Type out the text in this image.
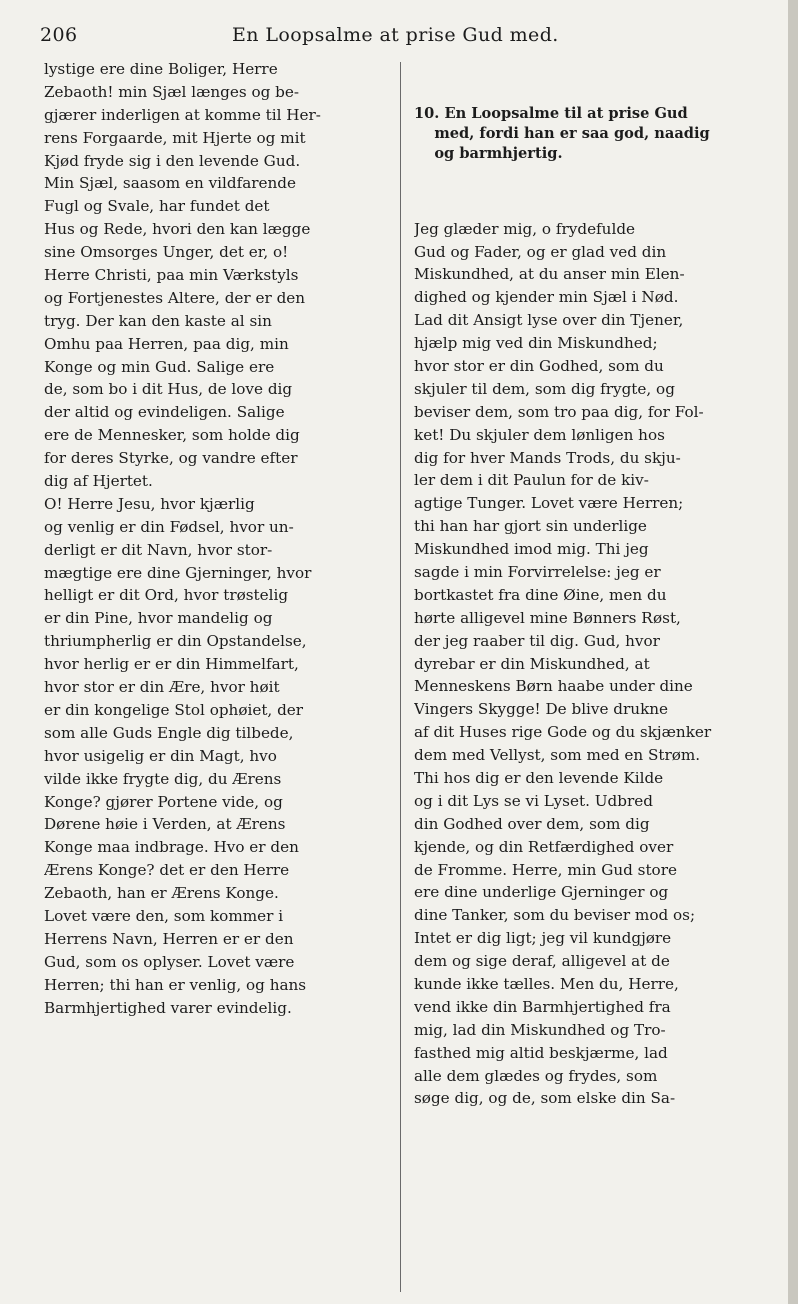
206	En Loopsalme at prise Gud med.
lystige ere dine Boliger, Herre
Zebaoth! min Sjæl længes og be-
gjærer inderligen at komme til Her-
rens Forgaarde, mit Hjerte og mit
Kjød fryde sig i den levende Gud.
Min Sjæl, saasom en vildfarende
Fugl og Svale, har fundet det
Hus og Rede, hvori den kan lægge
sine Omsorges Unger, det er, o!
Herre Christi, paa min Værkstyls
og Fortjenestes Altere, der er den
tryg. Der kan den kaste al sin
Omhu paa Herren, paa dig, min
Konge og min Gud. Salige ere
de, som bo i dit Hus, de love dig
der altid og evindeligen. Salige
ere de Mennesker, som holde dig
for deres Styrke, og vandre efter
dig af Hjertet.
O! Herre Jesu, hvor kjærlig
og venlig er din Fødsel, hvor un-
derligt er dit Navn, hvor stor-
mægtige ere dine Gjerninger, hvor
helligt er dit Ord, hvor trøstelig
er din Pine, hvor mandelig og
thriumpherlig er din Opstandelse,
hvor herlig er er din Himmelfart,
hvor stor er din Ære, hvor høit
er din kongelige Stol ophøiet, der
som alle Guds Engle dig tilbede,
hvor usigelig er din Magt, hvo
vilde ikke frygte dig, du Ærens
Konge? gjører Portene vide, og
Dørene høie i Verden, at Ærens
Konge maa indbrage. Hvo er den
Ærens Konge? det er den Herre
Zebaoth, han er Ærens Konge.
Lovet være den, som kommer i
Herrens Navn, Herren er er den
Gud, som os oplyser. Lovet være
Herren; thi han er venlig, og hans
Barmhjertighed varer evindelig.

10. En Loopsalme til at prise Gud
med, fordi han er saa god, naadig
og barmhjertig.

Jeg glæder mig, o frydefulde
Gud og Fader, og er glad ved din
Miskundhed, at du anser min Elen-
dighed og kjender min Sjæl i Nød.
Lad dit Ansigt lyse over din Tjener,
hjælp mig ved din Miskundhed;
hvor stor er din Godhed, som du
skjuler til dem, som dig frygte, og
beviser dem, som tro paa dig, for Fol-
ket! Du skjuler dem lønligen hos
dig for hver Mands Trods, du skju-
ler dem i dit Paulun for de kiv-
agtige Tunger. Lovet være Herren;
thi han har gjort sin underlige
Miskundhed imod mig. Thi jeg
sagde i min Forvirrelelse: jeg er
bortkastet fra dine Øine, men du
hørte alligevel mine Bønners Røst,
der jeg raaber til dig. Gud, hvor
dyrebar er din Miskundhed, at
Menneskens Børn haabe under dine
Vingers Skygge! De blive drukne
af dit Huses rige Gode og du skjænker
dem med Vellyst, som med en Strøm.
Thi hos dig er den levende Kilde
og i dit Lys se vi Lyset. Udbred
din Godhed over dem, som dig
kjende, og din Retfærdighed over
de Fromme. Herre, min Gud store
ere dine underlige Gjerninger og
dine Tanker, som du beviser mod os;
Intet er dig ligt; jeg vil kundgjøre
dem og sige deraf, alligevel at de
kunde ikke tælles. Men du, Herre,
vend ikke din Barmhjertighed fra
mig, lad din Miskundhed og Tro-
fasthed mig altid beskjærme, lad
alle dem glædes og frydes, som
søge dig, og de, som elske din Sa-
